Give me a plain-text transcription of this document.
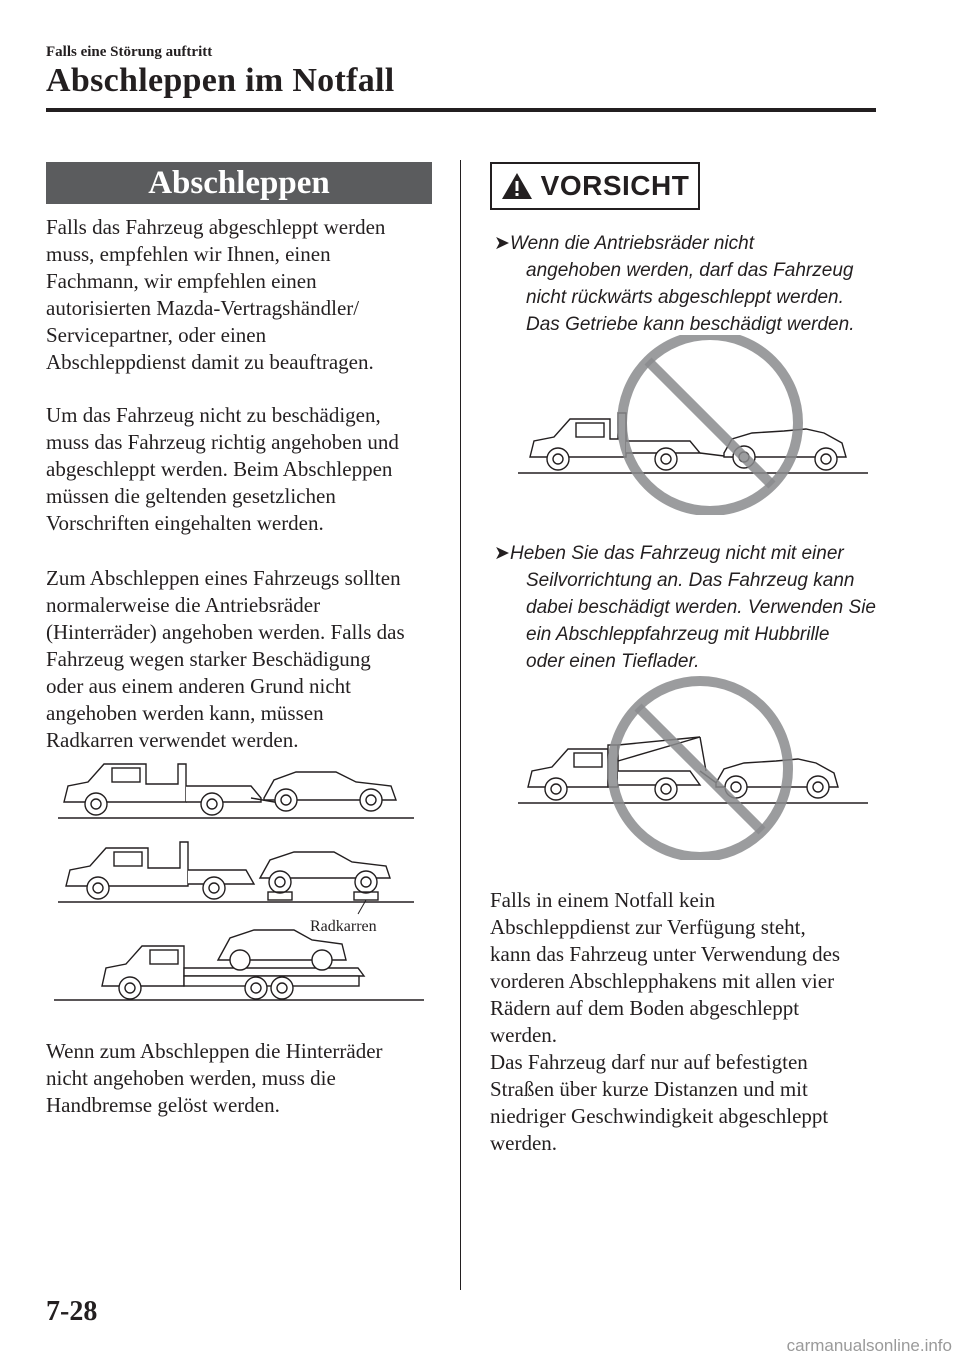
Falls eine Störung auftritt
Abschleppen im Notfall
Abschleppen
Falls das Fahrzeug abgeschleppt werden
muss, empfehlen wir Ihnen, einen
Fachmann, wir empfehlen einen
autorisierten Mazda-Vertragshändler/
Servicepartner, oder einen
Abschleppdienst damit zu beauftragen.
Um das Fahrzeug nicht zu beschädigen,
muss das Fahrzeug richtig angehoben und
abgeschleppt werden. Beim Abschleppen
müssen die geltenden gesetzlichen
Vorschriften eingehalten werden.
Zum Abschleppen eines Fahrzeugs sollten
normalerweise die Antriebsräder
(Hinterräder) angehoben werden. Falls das
Fahrzeug wegen starker Beschädigung
oder aus einem anderen Grund nicht
angehoben werden kann, müssen
Radkarren verwendet werden.
Radkarren
Wenn zum Abschleppen die Hinterräder
nicht angehoben werden, muss die
Handbremse gelöst werden.
VORSICHT
➤Wenn die Antriebsräder nicht
angehoben werden, darf das Fahrzeug
nicht rückwärts abgeschleppt werden.
Das Getriebe kann beschädigt werden.
➤Heben Sie das Fahrzeug nicht mit einer
Seilvorrichtung an. Das Fahrzeug kann
dabei beschädigt werden. Verwenden Sie
ein Abschleppfahrzeug mit Hubbrille
oder einen Tieflader.
Falls in einem Notfall kein
Abschleppdienst zur Verfügung steht,
kann das Fahrzeug unter Verwendung des
vorderen Abschlepphakens mit allen vier
Rädern auf dem Boden abgeschleppt
werden.
Das Fahrzeug darf nur auf befestigten
Straßen über kurze Distanzen und mit
niedriger Geschwindigkeit abgeschleppt
werden.
7-28
carmanualsonline.info
